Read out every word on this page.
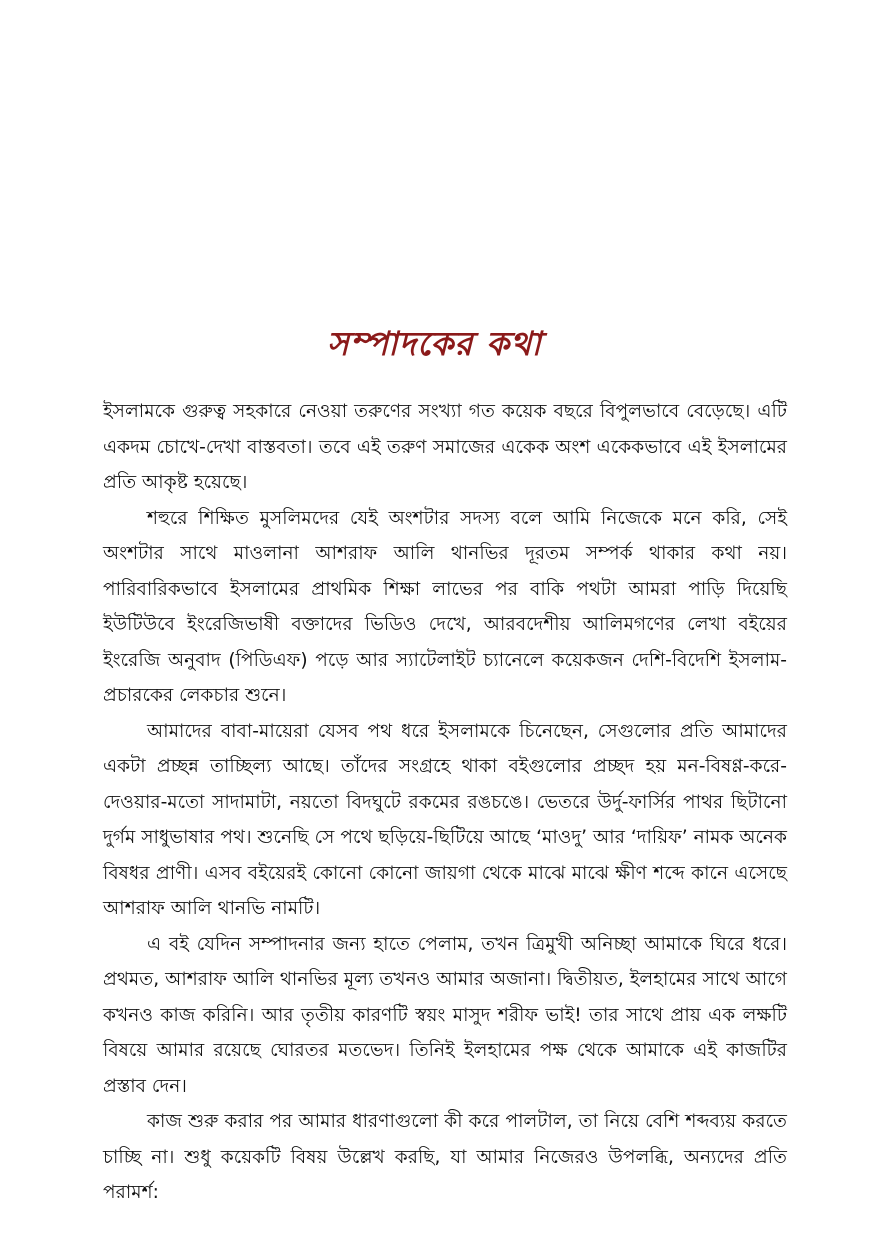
সম্পাদকের কথা

ইসলামকে গুরুত্ব সহকারে নেওয়া তরুণের সংখ্যা গত কয়েক বছরে বিপুলভাবে বেড়েছে। এটি একদম চোখে-দেখা বাস্তবতা। তবে এই তরুণ সমাজের একেক অংশ একেকভাবে এই ইসলামের প্রতি আকৃষ্ট হয়েছে।

শহুরে শিক্ষিত মুসলিমদের যেই অংশটার সদস্য বলে আমি নিজেকে মনে করি, সেই অংশটার সাথে মাওলানা আশরাফ আলি থানভির দূরতম সম্পর্ক থাকার কথা নয়। পারিবারিকভাবে ইসলামের প্রাথমিক শিক্ষা লাভের পর বাকি পথটা আমরা পাড়ি দিয়েছি ইউটিউবে ইংরেজিভাষী বক্তাদের ভিডিও দেখে, আরবদেশীয় আলিমগণের লেখা বইয়ের ইংরেজি অনুবাদ (পিডিএফ) পড়ে আর স্যাটেলাইট চ্যানেলে কয়েকজন দেশি-বিদেশি ইসলাম-প্রচারকের লেকচার শুনে।

আমাদের বাবা-মায়েরা যেসব পথ ধরে ইসলামকে চিনেছেন, সেগুলোর প্রতি আমাদের একটা প্রচ্ছন্ন তাচ্ছিল্য আছে। তাঁদের সংগ্রহে থাকা বইগুলোর প্রচ্ছদ হয় মন-বিষণ্ণ-করে-দেওয়ার-মতো সাদামাটা, নয়তো বিদঘুটে রকমের রঙচঙে। ভেতরে উর্দু-ফার্সির পাথর ছিটানো দুর্গম সাধুভাষার পথ। শুনেছি সে পথে ছড়িয়ে-ছিটিয়ে আছে ‘মাওদু’ আর ‘দায়িফ’ নামক অনেক বিষধর প্রাণী। এসব বইয়েরই কোনো কোনো জায়গা থেকে মাঝে মাঝে ক্ষীণ শব্দে কানে এসেছে আশরাফ আলি থানভি নামটি।

এ বই যেদিন সম্পাদনার জন্য হাতে পেলাম, তখন ত্রিমুখী অনিচ্ছা আমাকে ঘিরে ধরে। প্রথমত, আশরাফ আলি থানভির মূল্য তখনও আমার অজানা। দ্বিতীয়ত, ইলহামের সাথে আগে কখনও কাজ করিনি। আর তৃতীয় কারণটি স্বয়ং মাসুদ শরীফ ভাই! তার সাথে প্রায় এক লক্ষটি বিষয়ে আমার রয়েছে ঘোরতর মতভেদ। তিনিই ইলহামের পক্ষ থেকে আমাকে এই কাজটির প্রস্তাব দেন।

কাজ শুরু করার পর আমার ধারণাগুলো কী করে পালটাল, তা নিয়ে বেশি শব্দব্যয় করতে চাচ্ছি না। শুধু কয়েকটি বিষয় উল্লেখ করছি, যা আমার নিজেরও উপলব্ধি, অন্যদের প্রতি পরামর্শ:
